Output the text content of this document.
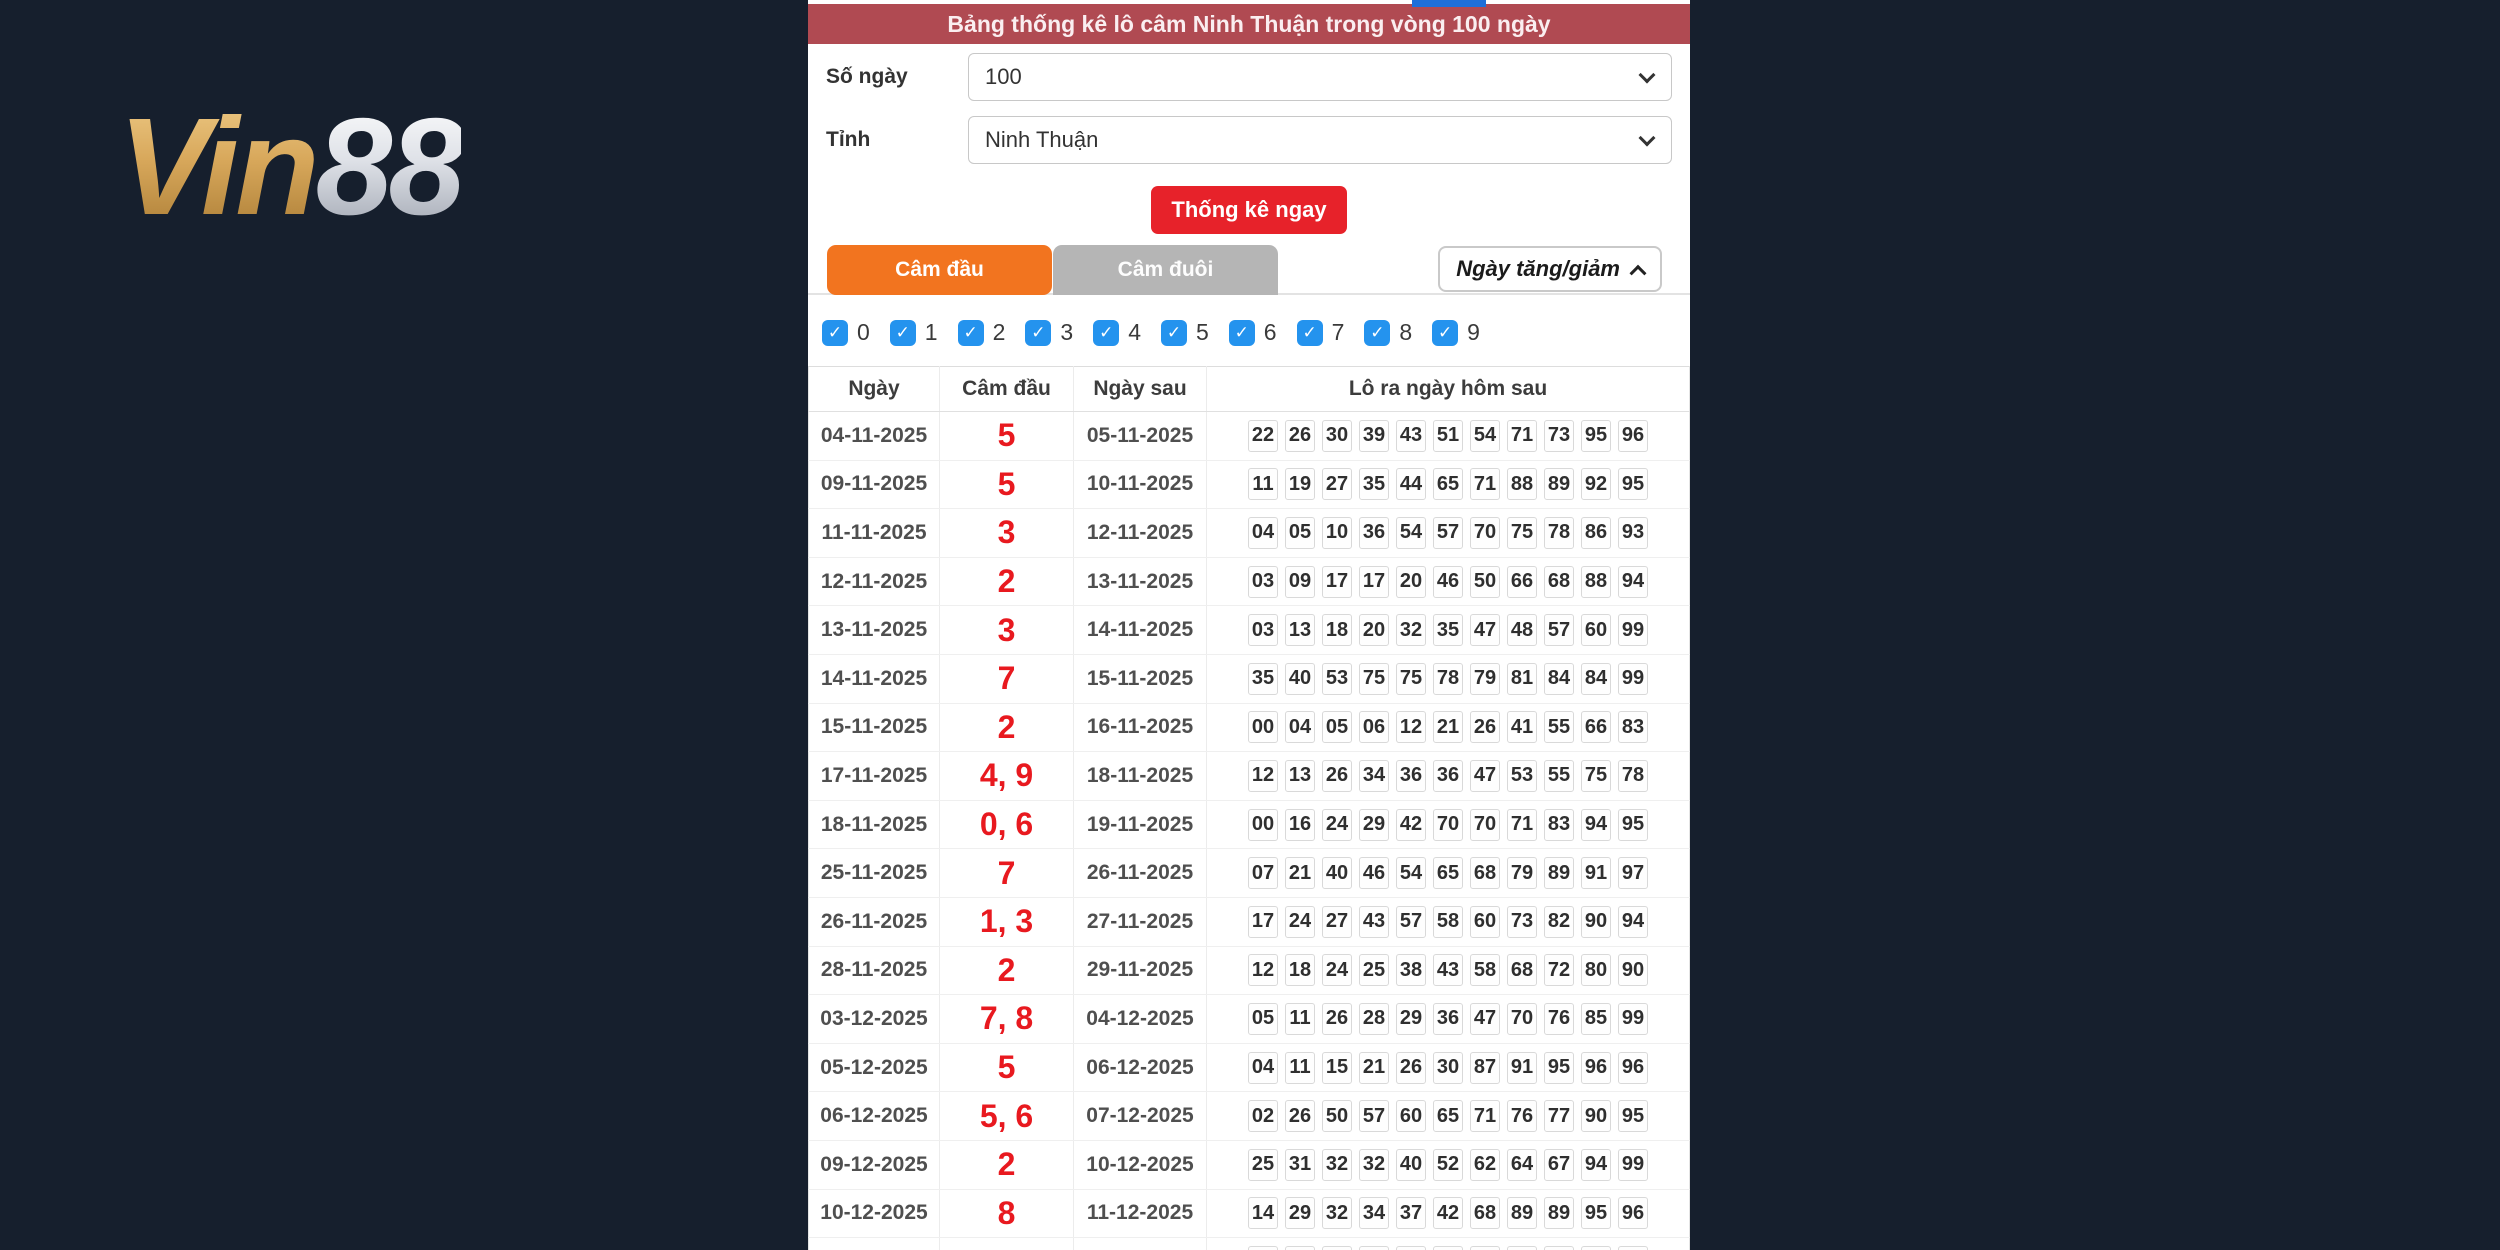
Vin88
Bảng thống kê lô câm Ninh Thuận trong vòng 100 ngày
Số ngày	100
Tỉnh	Ninh Thuận
Thống kê ngay
Câm đầu	Câm đuôi	Ngày tăng/giảm
✓ 0	✓ 1	✓ 2	✓ 3	✓ 4	✓ 5	✓ 6	✓ 7	✓ 8	✓ 9
Ngày	Câm đầu	Ngày sau	Lô ra ngày hôm sau
04-11-2025	5	05-11-2025	22 26 30 39 43 51 54 71 73 95 96

09-11-2025	5	10-11-2025	11 19 27 35 44 65 71 88 89 92 95

11-11-2025	3	12-11-2025	04 05 10 36 54 57 70 75 78 86 93

12-11-2025	2	13-11-2025	03 09 17 17 20 46 50 66 68 88 94

13-11-2025	3	14-11-2025	03 13 18 20 32 35 47 48 57 60 99

14-11-2025	7	15-11-2025	35 40 53 75 75 78 79 81 84 84 99

15-11-2025	2	16-11-2025	00 04 05 06 12 21 26 41 55 66 83

17-11-2025	4, 9	18-11-2025	12 13 26 34 36 36 47 53 55 75 78

18-11-2025	0, 6	19-11-2025	00 16 24 29 42 70 70 71 83 94 95

25-11-2025	7	26-11-2025	07 21 40 46 54 65 68 79 89 91 97

26-11-2025	1, 3	27-11-2025	17 24 27 43 57 58 60 73 82 90 94

28-11-2025	2	29-11-2025	12 18 24 25 38 43 58 68 72 80 90

03-12-2025	7, 8	04-12-2025	05 11 26 28 29 36 47 70 76 85 99

05-12-2025	5	06-12-2025	04 11 15 21 26 30 87 91 95 96 96

06-12-2025	5, 6	07-12-2025	02 26 50 57 60 65 71 76 77 90 95

09-12-2025	2	10-12-2025	25 31 32 32 40 52 62 64 67 94 99

10-12-2025	8	11-12-2025	14 29 32 34 37 42 68 89 89 95 96
